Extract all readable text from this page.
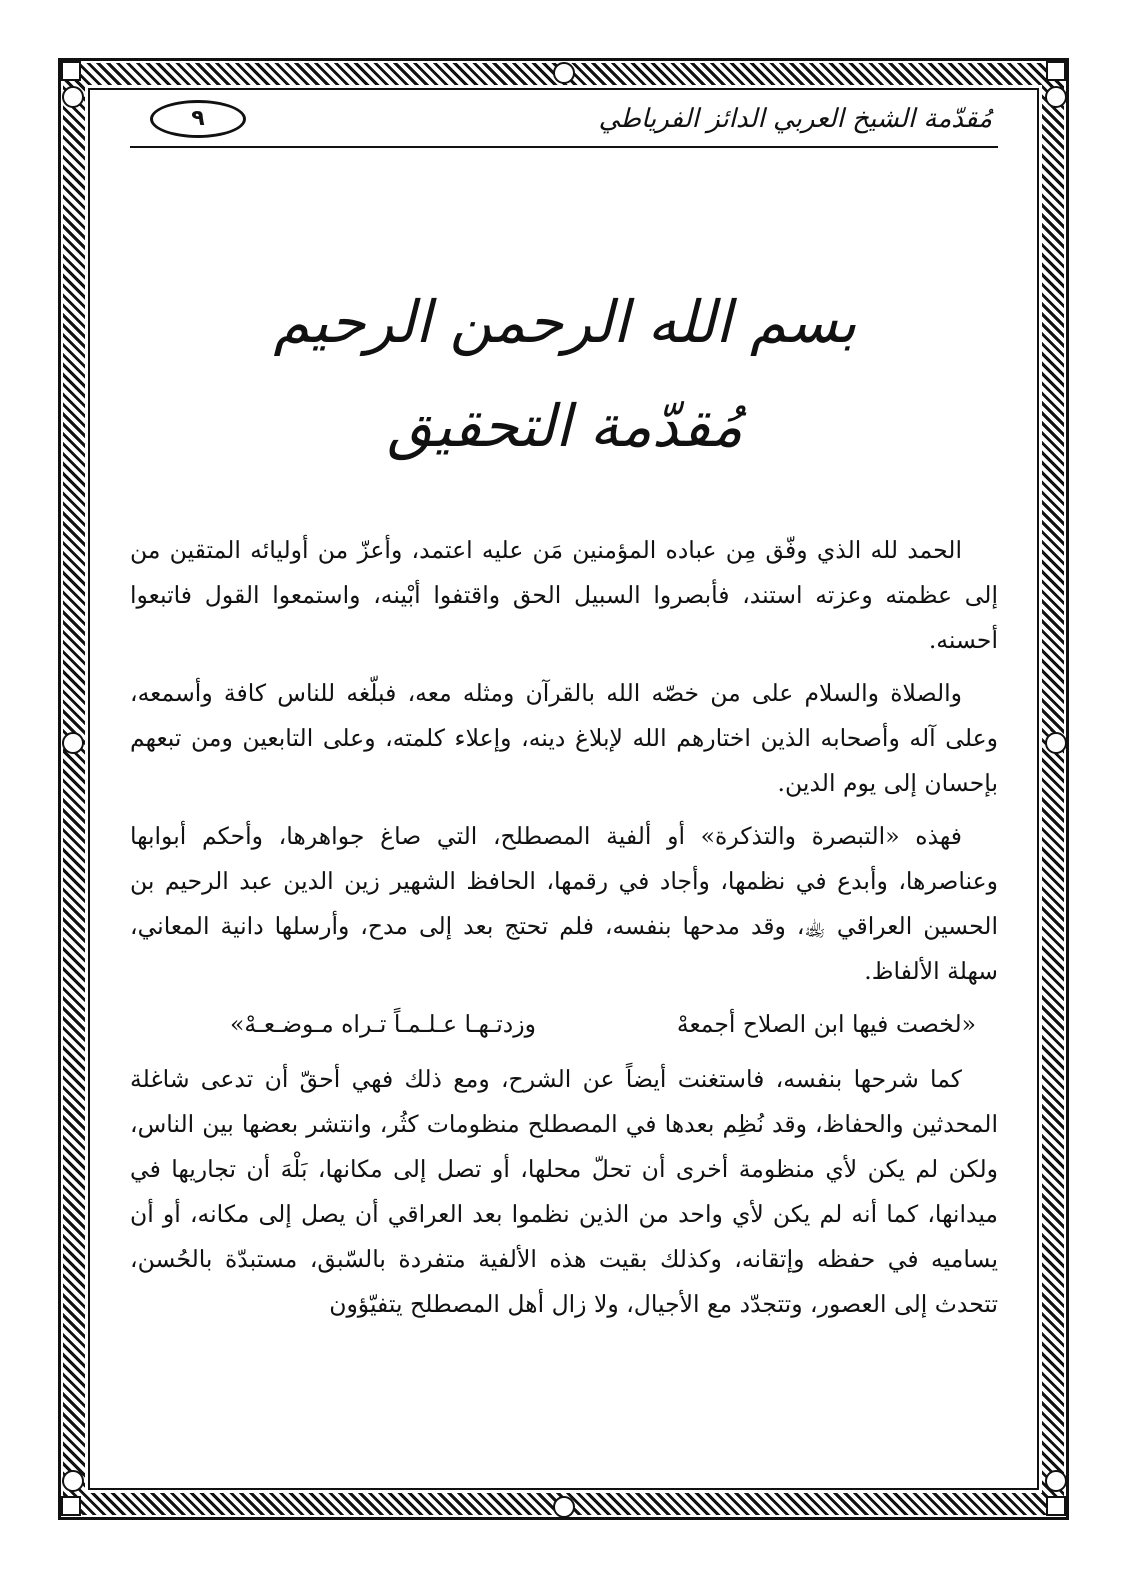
مُقدّمة الشيخ العربي الدائز الفرياطي
٩
بسم الله الرحمن الرحيم
مُقدّمة التحقيق

الحمد لله الذي وفّق مِن عباده المؤمنين مَن عليه اعتمد، وأعزّ من أوليائه المتقين من إلى عظمته وعزته استند، فأبصروا السبيل الحق واقتفوا أبْينه، واستمعوا القول فاتبعوا أحسنه.

والصلاة والسلام على من خصّه الله بالقرآن ومثله معه، فبلّغه للناس كافة وأسمعه، وعلى آله وأصحابه الذين اختارهم الله لإبلاغ دينه، وإعلاء كلمته، وعلى التابعين ومن تبعهم بإحسان إلى يوم الدين.

فهذه «التبصرة والتذكرة» أو ألفية المصطلح، التي صاغ جواهرها، وأحكم أبوابها وعناصرها، وأبدع في نظمها، وأجاد في رقمها، الحافظ الشهير زين الدين عبد الرحيم بن الحسين العراقي ﵀، وقد مدحها بنفسه، فلم تحتج بعد إلى مدح، وأرسلها دانية المعاني، سهلة الألفاظ.

«لخصت فيها ابن الصلاح أجمعهْ
وزدتـهـا عـلـمـاً تـراه مـوضـعـهْ»

كما شرحها بنفسه، فاستغنت أيضاً عن الشرح، ومع ذلك فهي أحقّ أن تدعى شاغلة المحدثين والحفاظ، وقد نُظِم بعدها في المصطلح منظومات كثُر، وانتشر بعضها بين الناس، ولكن لم يكن لأي منظومة أخرى أن تحلّ محلها، أو تصل إلى مكانها، بَلْهَ أن تجاريها في ميدانها، كما أنه لم يكن لأي واحد من الذين نظموا بعد العراقي أن يصل إلى مكانه، أو أن يساميه في حفظه وإتقانه، وكذلك بقيت هذه الألفية متفردة بالسّبق، مستبدّة بالحُسن، تتحدث إلى العصور، وتتجدّد مع الأجيال، ولا زال أهل المصطلح يتفيّؤون
